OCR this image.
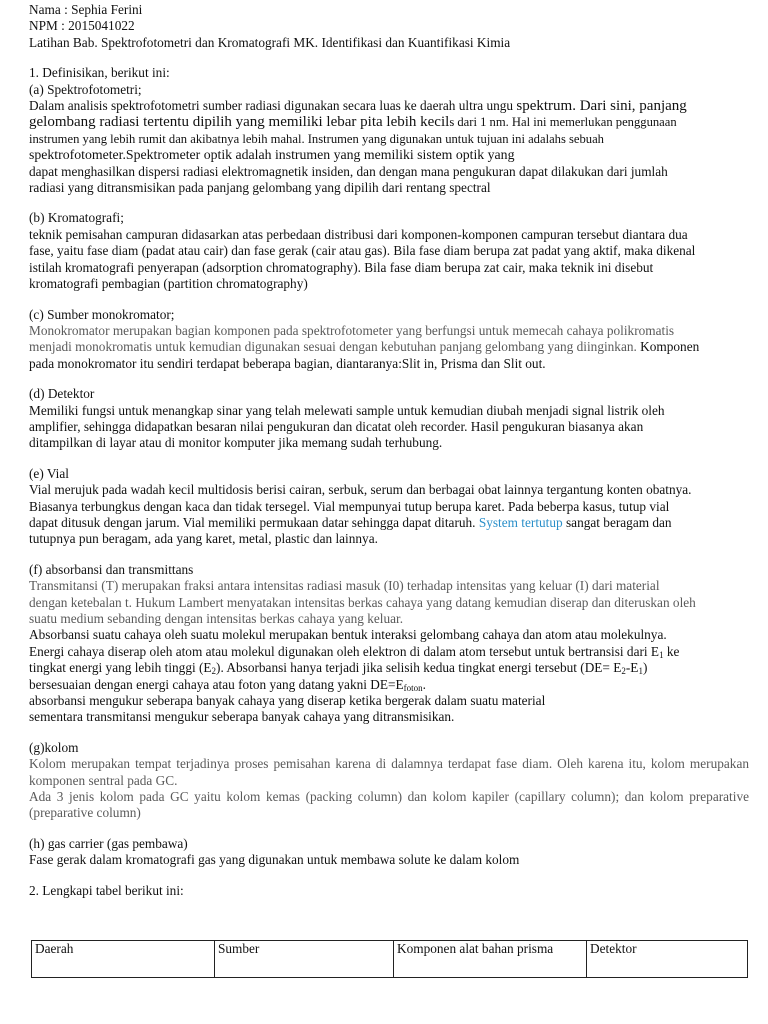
Nama : Sephia Ferini
NPM : 2015041022
Latihan Bab. Spektrofotometri dan Kromatografi MK. Identifikasi dan Kuantifikasi Kimia
1. Definisikan, berikut ini:
(a) Spektrofotometri;
Dalam analisis spektrofotometri sumber radiasi digunakan secara luas ke daerah ultra ungu spektrum. Dari sini, panjang
gelombang radiasi tertentu dipilih yang memiliki lebar pita lebih kecils dari 1 nm. Hal ini memerlukan penggunaan
instrumen yang lebih rumit dan akibatnya lebih mahal. Instrumen yang digunakan untuk tujuan ini adalahs sebuah
spektrofotometer.Spektrometer optik adalah instrumen yang memiliki sistem optik yang
dapat menghasilkan dispersi radiasi elektromagnetik insiden, dan dengan mana pengukuran dapat dilakukan dari jumlah
radiasi yang ditransmisikan pada panjang gelombang yang dipilih dari rentang spectral
(b) Kromatografi;
teknik pemisahan campuran didasarkan atas perbedaan distribusi dari komponen-komponen campuran tersebut diantara dua
fase, yaitu fase diam (padat atau cair) dan fase gerak (cair atau gas). Bila fase diam berupa zat padat yang aktif, maka dikenal
istilah kromatografi penyerapan (adsorption chromatography). Bila fase diam berupa zat cair, maka teknik ini disebut
kromatografi pembagian (partition chromatography)
(c) Sumber monokromator;
Monokromator merupakan bagian komponen pada spektrofotometer yang berfungsi untuk memecah cahaya polikromatis
menjadi monokromatis untuk kemudian digunakan sesuai dengan kebutuhan panjang gelombang yang diinginkan. Komponen
pada monokromator itu sendiri terdapat beberapa bagian, diantaranya:Slit in, Prisma dan Slit out.
(d) Detektor
Memiliki fungsi untuk menangkap sinar yang telah melewati sample untuk kemudian diubah menjadi signal listrik oleh
amplifier, sehingga didapatkan besaran nilai pengukuran dan dicatat oleh recorder. Hasil pengukuran biasanya akan
ditampilkan di layar atau di monitor komputer jika memang sudah terhubung.
(e) Vial
Vial merujuk pada wadah kecil multidosis berisi cairan, serbuk, serum dan berbagai obat lainnya tergantung konten obatnya.
Biasanya terbungkus dengan kaca dan tidak tersegel. Vial mempunyai tutup berupa karet. Pada beberpa kasus, tutup vial
dapat ditusuk dengan jarum. Vial memiliki permukaan datar sehingga dapat ditaruh. System tertutup sangat beragam dan
tutupnya pun beragam, ada yang karet, metal, plastic dan lainnya.
(f) absorbansi dan transmittans
Transmitansi (T) merupakan fraksi antara intensitas radiasi masuk (I0) terhadap intensitas yang keluar (I) dari material
dengan ketebalan t. Hukum Lambert menyatakan intensitas berkas cahaya yang datang kemudian diserap dan diteruskan oleh
suatu medium sebanding dengan intensitas berkas cahaya yang keluar.
Absorbansi suatu cahaya oleh suatu molekul merupakan bentuk interaksi gelombang cahaya dan atom atau molekulnya.
Energi cahaya diserap oleh atom atau molekul digunakan oleh elektron di dalam atom tersebut untuk bertransisi dari $E_1$ ke
tingkat energi yang lebih tinggi $(E_2)$. Absorbansi hanya terjadi jika selisih kedua tingkat energi tersebut $(DE= E_2-E_1)$
bersesuaian dengan energi cahaya atau foton yang datang yakni $DE=E_{foton}$.
absorbansi mengukur seberapa banyak cahaya yang diserap ketika bergerak dalam suatu material
sementara transmitansi mengukur seberapa banyak cahaya yang ditransmisikan.
(g)kolom
Kolom merupakan tempat terjadinya proses pemisahan karena di dalamnya terdapat fase diam. Oleh karena itu, kolom merupakan komponen sentral pada GC.
Ada 3 jenis kolom pada GC yaitu kolom kemas (packing column) dan kolom kapiler (capillary column); dan kolom preparative (preparative column)
(h) gas carrier (gas pembawa)
Fase gerak dalam kromatografi gas yang digunakan untuk membawa solute ke dalam kolom
2. Lengkapi tabel berikut ini:
Daerah	Sumber	Komponen alat bahan prisma	Detektor
